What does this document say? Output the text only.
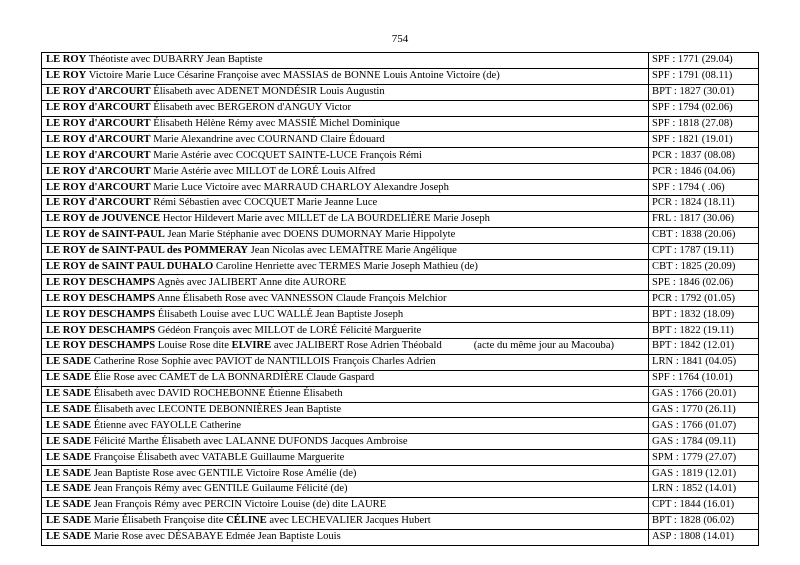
754
LE ROY Théotiste avec DUBARRY Jean Baptiste	SPF : 1771 (29.04)
LE ROY Victoire Marie Luce Césarine Françoise avec MASSIAS de BONNE Louis Antoine Victoire (de)	SPF : 1791 (08.11)
LE ROY d'ARCOURT Élisabeth avec ADENET MONDÉSIR Louis Augustin	BPT : 1827 (30.01)
LE ROY d'ARCOURT Élisabeth avec BERGERON d'ANGUY Victor	SPF : 1794 (02.06)
LE ROY d'ARCOURT Élisabeth Hélène Rémy avec MASSIÉ Michel Dominique	SPF : 1818 (27.08)
LE ROY d'ARCOURT Marie Alexandrine avec COURNAND Claire Édouard	SPF : 1821 (19.01)
LE ROY d'ARCOURT Marie Astérie avec COCQUET SAINTE-LUCE François Rémi	PCR : 1837 (08.08)
LE ROY d'ARCOURT Marie Astérie avec MILLOT de LORÉ Louis Alfred	PCR : 1846 (04.06)
LE ROY d'ARCOURT Marie Luce Victoire avec MARRAUD CHARLOY Alexandre Joseph	SPF : 1794 ( .06)
LE ROY d'ARCOURT Rémi Sébastien avec COCQUET Marie Jeanne Luce	PCR : 1824 (18.11)
LE ROY de JOUVENCE Hector Hildevert Marie avec MILLET de LA BOURDELIÈRE Marie Joseph	FRL : 1817 (30.06)
LE ROY de SAINT-PAUL Jean Marie Stéphanie avec DOENS DUMORNAY Marie Hippolyte	CBT : 1838 (20.06)
LE ROY de SAINT-PAUL des POMMERAY Jean Nicolas avec LEMAÎTRE Marie Angélique	CPT : 1787 (19.11)
LE ROY de SAINT PAUL DUHALO Caroline Henriette avec TERMES Marie Joseph Mathieu (de)	CBT : 1825 (20.09)
LE ROY DESCHAMPS Agnès avec JALIBERT Anne dite AURORE	SPE : 1846 (02.06)
LE ROY DESCHAMPS Anne Élisabeth Rose avec VANNESSON Claude François Melchior	PCR : 1792 (01.05)
LE ROY DESCHAMPS Élisabeth Louise avec LUC WALLÉ Jean Baptiste Joseph	BPT : 1832 (18.09)
LE ROY DESCHAMPS Gédéon François avec MILLOT de LORÉ Félicité Marguerite	BPT : 1822 (19.11)
LE ROY DESCHAMPS Louise Rose dite ELVIRE avec JALIBERT Rose Adrien Théobald (acte du même jour au Macouba)	BPT : 1842 (12.01)
LE SADE Catherine Rose Sophie avec PAVIOT de NANTILLOIS François Charles Adrien	LRN : 1841 (04.05)
LE SADE Élie Rose avec CAMET de LA BONNARDIÈRE Claude Gaspard	SPF : 1764 (10.01)
LE SADE Élisabeth avec DAVID ROCHEBONNE Étienne Élisabeth	GAS : 1766 (20.01)
LE SADE Élisabeth avec LECONTE DEBONNIÈRES Jean Baptiste	GAS : 1770 (26.11)
LE SADE Étienne avec FAYOLLE Catherine	GAS : 1766 (01.07)
LE SADE Félicité Marthe Élisabeth avec LALANNE DUFONDS Jacques Ambroise	GAS : 1784 (09.11)
LE SADE Françoise Élisabeth avec VATABLE Guillaume Marguerite	SPM : 1779 (27.07)
LE SADE Jean Baptiste Rose avec GENTILE Victoire Rose Amélie (de)	GAS : 1819 (12.01)
LE SADE Jean François Rémy avec GENTILE Guilaume Félicité (de)	LRN : 1852 (14.01)
LE SADE Jean François Rémy avec PERCIN Victoire Louise (de) dite LAURE	CPT : 1844 (16.01)
LE SADE Marie Élisabeth Françoise dite CÉLINE avec LECHEVALIER Jacques Hubert	BPT : 1828 (06.02)
LE SADE Marie Rose avec DÉSABAYE Edmée Jean Baptiste Louis	ASP : 1808 (14.01)
